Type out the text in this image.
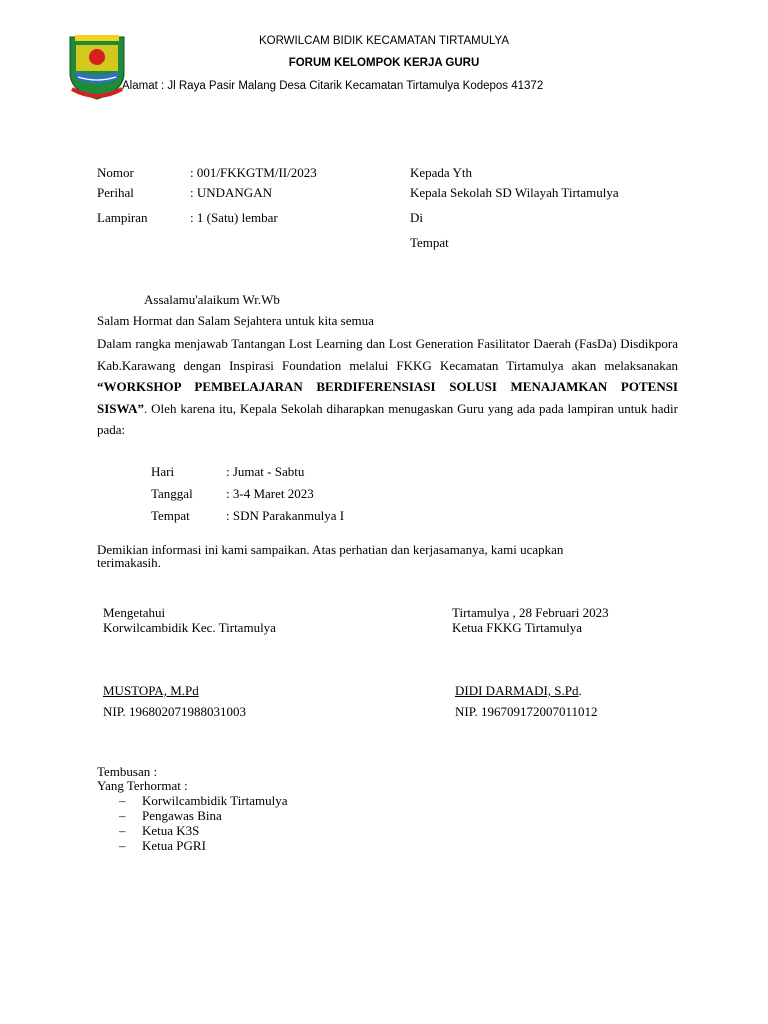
KORWILCAM BIDIK KECAMATAN TIRTAMULYA
FORUM KELOMPOK KERJA GURU
Alamat : Jl Raya Pasir Malang Desa Citarik Kecamatan Tirtamulya Kodepos 41372
Nomor	: 001/FKKGTM/II/2023
Perihal	: UNDANGAN
Lampiran	: 1 (Satu) lembar
Kepada Yth
Kepala Sekolah SD Wilayah Tirtamulya
Di
Tempat
Assalamu'alaikum Wr.Wb
Salam Hormat dan Salam Sejahtera untuk kita semua
Dalam rangka menjawab Tantangan Lost Learning dan Lost Generation Fasilitator Daerah (FasDa) Disdikpora Kab.Karawang dengan Inspirasi Foundation melalui FKKG Kecamatan Tirtamulya akan melaksanakan “WORKSHOP PEMBELAJARAN BERDIFERENSIASI SOLUSI MENAJAMKAN POTENSI SISWA”. Oleh karena itu, Kepala Sekolah diharapkan menugaskan Guru yang ada pada lampiran untuk hadir pada:
Hari	: Jumat - Sabtu
Tanggal	: 3-4 Maret 2023
Tempat	: SDN Parakanmulya I
Demikian informasi ini kami sampaikan. Atas perhatian dan kerjasamanya, kami ucapkan
terimakasih.
Mengetahui
Korwilcambidik Kec. Tirtamulya
MUSTOPA, M.Pd
NIP. 196802071988031003
Tirtamulya , 28 Februari 2023
Ketua FKKG Tirtamulya
DIDI DARMADI, S.Pd.
NIP. 196709172007011012
Tembusan :
Yang Terhormat :
– Korwilcambidik Tirtamulya
– Pengawas Bina
– Ketua K3S
– Ketua PGRI
